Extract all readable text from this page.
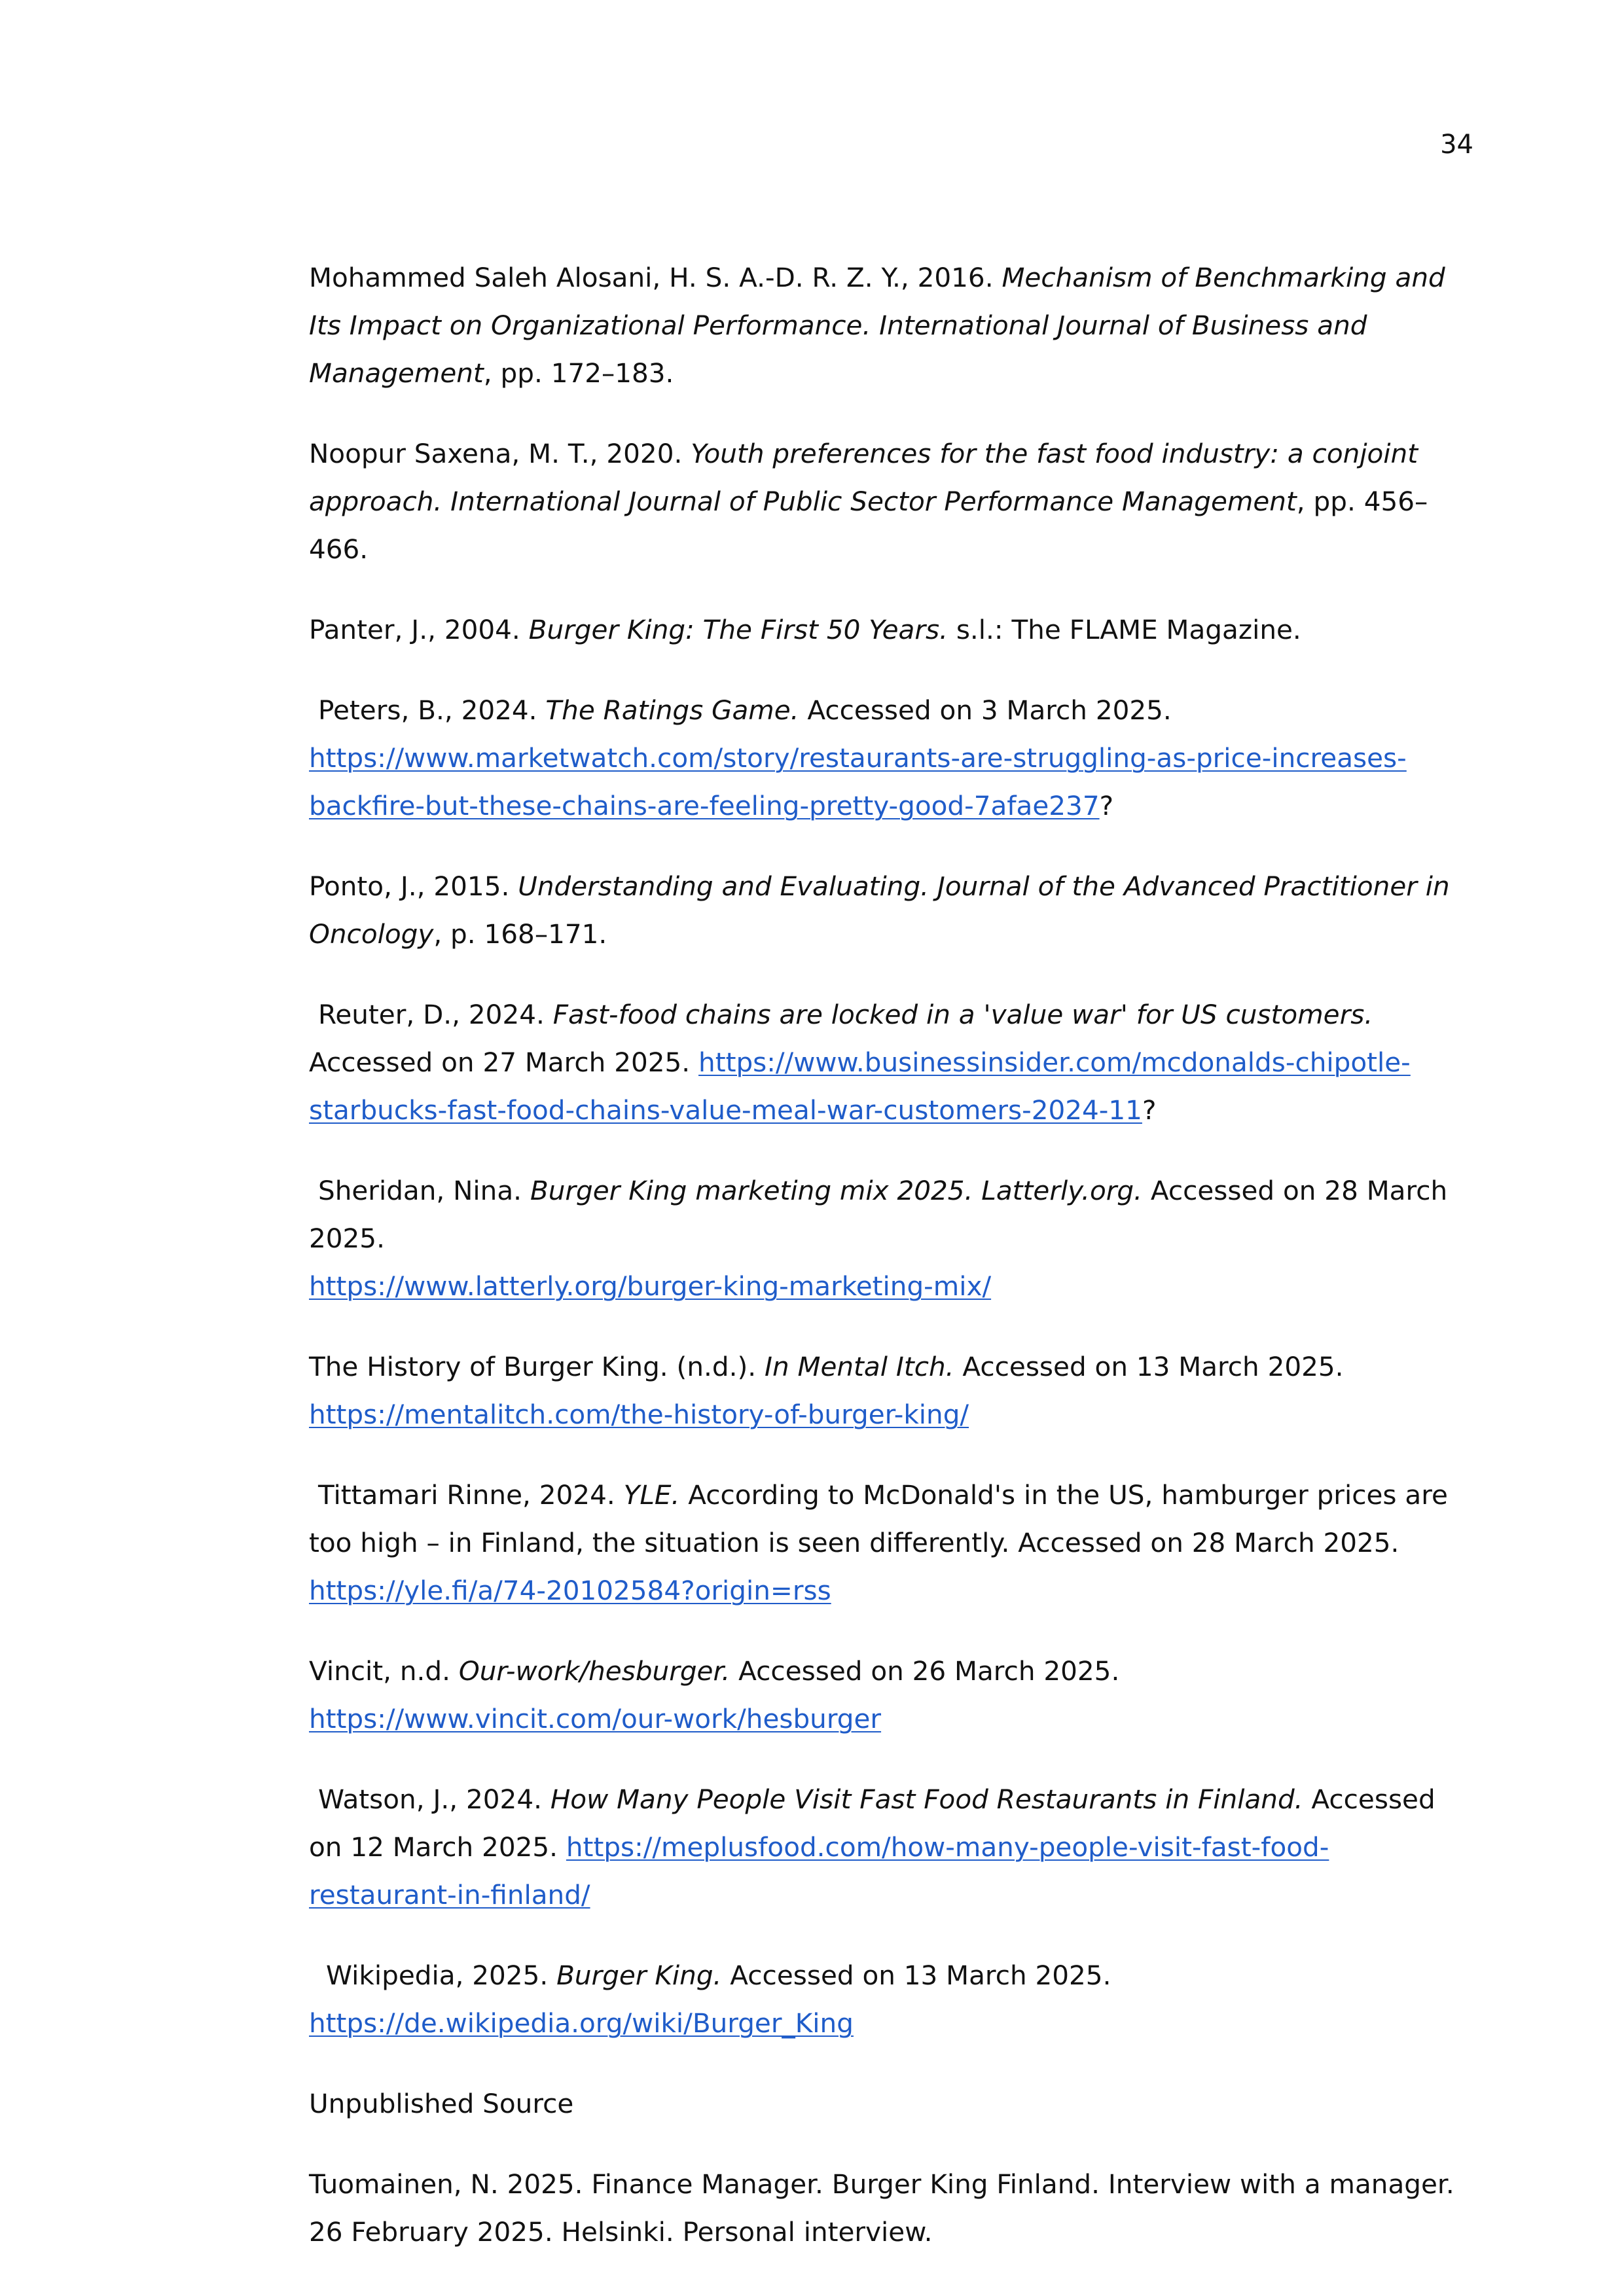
34

Mohammed Saleh Alosani, H. S. A.-D. R. Z. Y., 2016. Mechanism of Benchmarking and Its Impact on Organizational Performance. International Journal of Business and Management, pp. 172–183.

Noopur Saxena, M. T., 2020. Youth preferences for the fast food industry: a conjoint approach. International Journal of Public Sector Performance Management, pp. 456–466.

Panter, J., 2004. Burger King: The First 50 Years. s.l.: The FLAME Magazine.

Peters, B., 2024. The Ratings Game. Accessed on 3 March 2025.
https://www.marketwatch.com/story/restaurants-are-struggling-as-price-increases-backfire-but-these-chains-are-feeling-pretty-good-7afae237?

Ponto, J., 2015. Understanding and Evaluating. Journal of the Advanced Practitioner in Oncology, p. 168–171.

Reuter, D., 2024. Fast-food chains are locked in a 'value war' for US customers. Accessed on 27 March 2025. https://www.businessinsider.com/mcdonalds-chipotle-starbucks-fast-food-chains-value-meal-war-customers-2024-11?

Sheridan, Nina. Burger King marketing mix 2025. Latterly.org. Accessed on 28 March 2025.
https://www.latterly.org/burger-king-marketing-mix/

The History of Burger King. (n.d.). In Mental Itch. Accessed on 13 March 2025.
https://mentalitch.com/the-history-of-burger-king/

Tittamari Rinne, 2024. YLE. According to McDonald's in the US, hamburger prices are too high – in Finland, the situation is seen differently. Accessed on 28 March 2025. https://yle.fi/a/74-20102584?origin=rss

Vincit, n.d. Our-work/hesburger. Accessed on 26 March 2025. https://www.vincit.com/our-work/hesburger

Watson, J., 2024. How Many People Visit Fast Food Restaurants in Finland. Accessed on 12 March 2025. https://meplusfood.com/how-many-people-visit-fast-food-restaurant-in-finland/

Wikipedia, 2025. Burger King. Accessed on 13 March 2025.
https://de.wikipedia.org/wiki/Burger_King

Unpublished Source

Tuomainen, N. 2025. Finance Manager. Burger King Finland. Interview with a manager. 26 February 2025. Helsinki. Personal interview.
